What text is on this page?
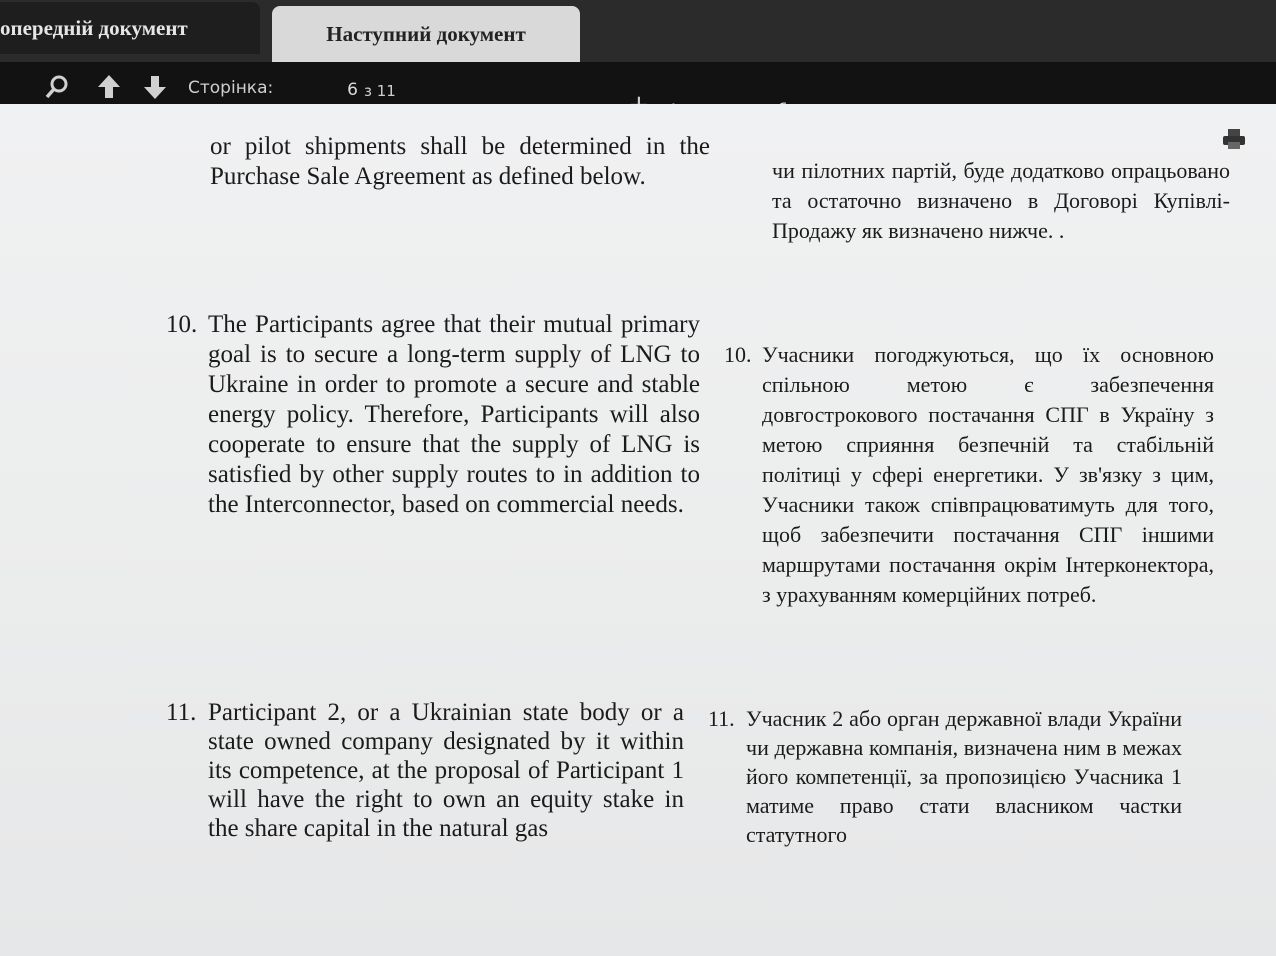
опередній документ	Наступний документ
Сторінка:
6	з 11
or pilot shipments shall be determined in the Purchase Sale Agreement as defined below.	чи пілотних партій, буде додатково опрацьовано та остаточно визначено в Договорі Купівлі-Продажу як визначено нижче. .
10. The Participants agree that their mutual primary goal is to secure a long-term supply of LNG to Ukraine in order to promote a secure and stable energy policy. Therefore, Participants will also cooperate to ensure that the supply of LNG is satisfied by other supply routes to in addition to the Interconnector, based on commercial needs.
10. Учасники погоджуються, що їх основною спільною метою є забезпечення довгострокового постачання СПГ в Україну з метою сприяння безпечній та стабільній політиці у сфері енергетики. У зв'язку з цим, Учасники також співпрацюватимуть для того, щоб забезпечити постачання СПГ іншими маршрутами постачання окрім Інтерконектора, з урахуванням комерційних потреб.
11. Participant 2, or a Ukrainian state body or a state owned company designated by it within its competence, at the proposal of Participant 1 will have the right to own an equity stake in the share capital in the natural gas
11. Учасник 2 або орган державної влади України чи державна компанія, визначена ним в межах його компетенції, за пропозицією Учасника 1 матиме право стати власником частки статутного
